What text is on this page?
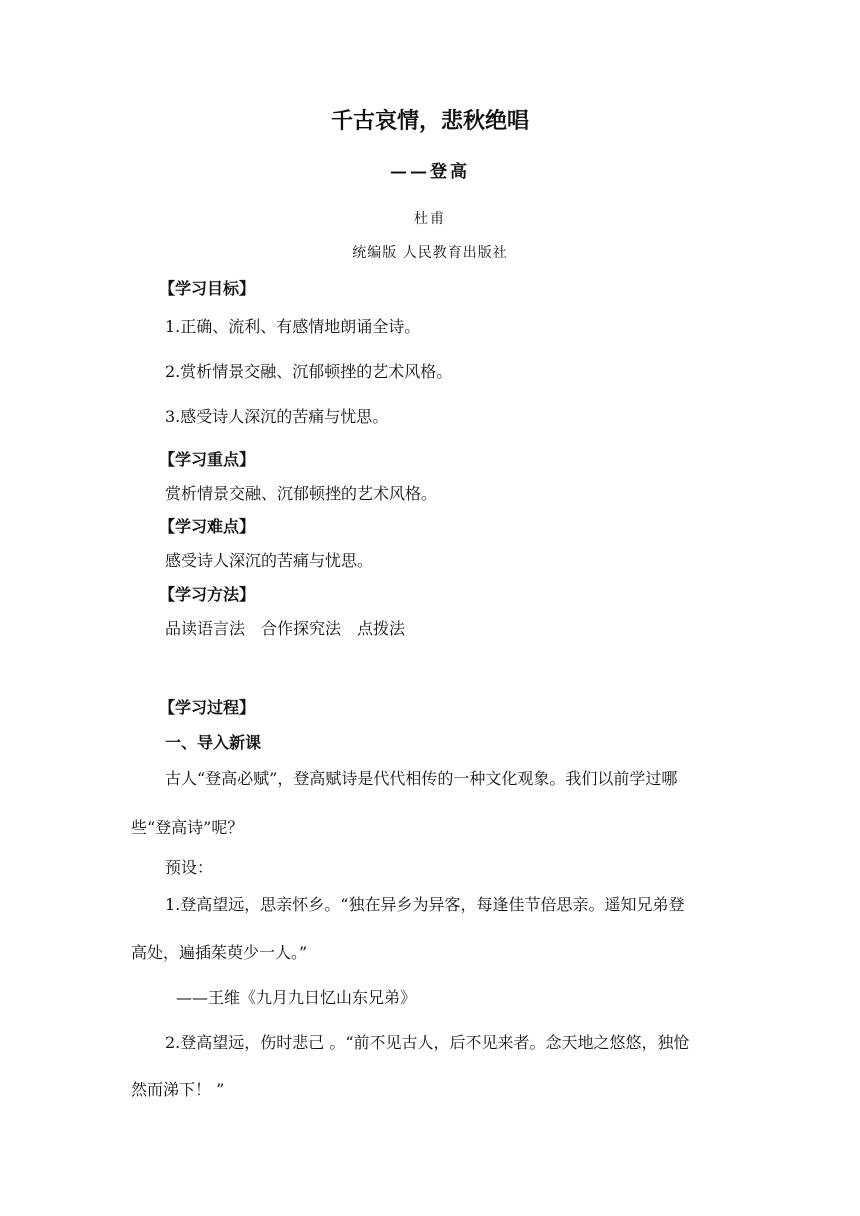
千古哀情，悲秋绝唱
——登高
杜甫
统编版 人民教育出版社
【学习目标】
1.正确、流利、有感情地朗诵全诗。
2.赏析情景交融、沉郁顿挫的艺术风格。
3.感受诗人深沉的苦痛与忧思。
【学习重点】
赏析情景交融、沉郁顿挫的艺术风格。
【学习难点】
感受诗人深沉的苦痛与忧思。
【学习方法】
品读语言法　合作探究法　点拨法
【学习过程】
一、导入新课
古人“登高必赋”，登高赋诗是代代相传的一种文化观象。我们以前学过哪
些“登高诗”呢？
预设：
1.登高望远，思亲怀乡。“独在异乡为异客，每逢佳节倍思亲。遥知兄弟登
高处，遍插茱萸少一人。”
——王维《九月九日忆山东兄弟》
2.登高望远，伤时悲己 。“前不见古人，后不见来者。念天地之悠悠，独怆
然而涕下！ ”
